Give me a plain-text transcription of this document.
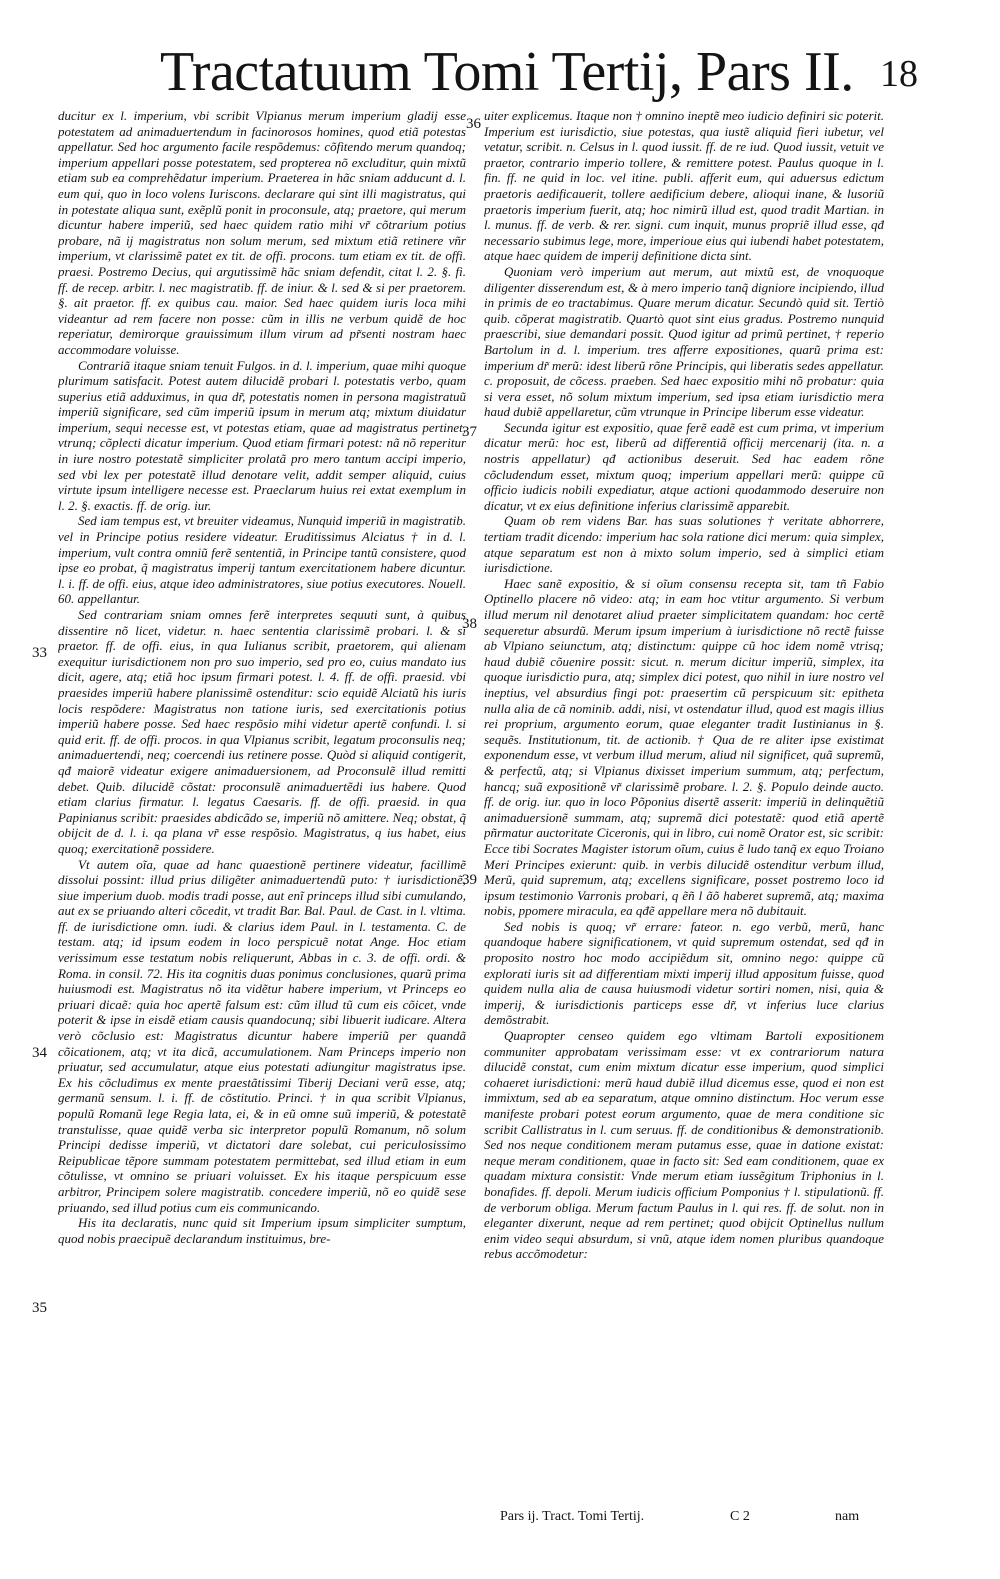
Tractatuum Tomi Tertij, Pars II. 18

ducitur ex l. imperium, vbi scribit Vlpianus merum imperium gladij esse potestatem ad animaduertendum in facinorosos homines, quod etiã potestas appellatur. Sed hoc argumento facile respõdemus: cõfitendo merum quandoq; imperium appellari posse potestatem, sed propterea nõ excluditur, quin mixtũ etiam sub ea comprehẽdatur imperium. Praeterea in hãc sniam adducunt d. l. eum qui, quo in loco volens Iuriscons. declarare qui sint illi magistratus, qui in potestate aliqua sunt, exẽplũ ponit in proconsule, atq; praetore, qui merum dicuntur habere imperiũ, sed haec quidem ratio mihi vr̃ cõtrarium potius probare, nã ij magistratus non solum merum, sed mixtum etiã retinere vñr imperium, vt clarissimẽ patet ex tit. de offi. procons. tum etiam ex tit. de offi. praesi. Postremo Decius, qui argutissimẽ hãc sniam defendit, citat l. 2. §. fi. ff. de recep. arbitr. l. nec magistratib. ff. de iniur. & l. sed & si per praetorem. §. ait praetor. ff. ex quibus cau. maior. Sed haec quidem iuris loca mihi videantur ad rem facere non posse: cũm in illis ne verbum quidẽ de hoc reperiatur, demirorque grauissimum illum virum ad pr̃senti nostram haec accommodare voluisse.

Contrariã itaque sniam tenuit Fulgos. in d. l. imperium, quae mihi quoque plurimum satisfacit. Potest autem dilucidẽ probari l. potestatis verbo, quam superius etiã adduximus, in qua dr̃, potestatis nomen in persona magistratuũ imperiũ significare, sed cũm imperiũ ipsum in merum atq; mixtum diuidatur imperium, sequi necesse est, vt potestas etiam, quae ad magistratus pertinet, vtrunq; cõplecti dicatur imperium. Quod etiam firmari potest: nã nõ reperitur in iure nostro potestatẽ simpliciter prolatã pro mero tantum accipi imperio, sed vbi lex per potestatẽ illud denotare velit, addit semper aliquid, cuius virtute ipsum intelligere necesse est. Praeclarum huius rei extat exemplum in l. 2. §. exactis. ff. de orig. iur.

Sed iam tempus est, vt breuiter videamus, Nunquid imperiũ in magistratib. vel in Principe potius residere videatur. Eruditissimus Alciatus † in d. l. imperium, vult contra omniũ ferẽ sententiã, in Principe tantũ consistere, quod ipse eo probat, q̃ magistratus imperij tantum exercitationem habere dicuntur. l. i. ff. de offi. eius, atque ideo administratores, siue potius executores. Nouell. 60. appellantur.

Sed contrariam sniam omnes ferẽ interpretes sequuti sunt, à quibus dissentire nõ licet, videtur. n. haec sententia clarissimẽ probari. l. & si praetor. ff. de offi. eius, in qua Iulianus scribit, praetorem, qui alienam exequitur iurisdictionem non pro suo imperio, sed pro eo, cuius mandato ius dicit, agere, atq; etiã hoc ipsum firmari potest. l. 4. ff. de offi. praesid. vbi praesides imperiũ habere planissimẽ ostenditur: scio equidẽ Alciatũ his iuris locis respõdere: Magistratus non tatione iuris, sed exercitationis potius imperiũ habere posse. Sed haec respõsio mihi videtur apertẽ confundi. l. si quid erit. ff. de offi. procos. in qua Vlpianus scribit, legatum proconsulis neq; animaduertendi, neq; coercendi ius retinere posse. Quòd si aliquid contigerit, qđ maiorẽ videatur exigere animaduersionem, ad Proconsulẽ illud remitti debet. Quib. dilucidẽ cõstat: proconsulẽ animaduertẽdi ius habere. Quod etiam clarius firmatur. l. legatus Caesaris. ff. de offi. praesid. in qua Papinianus scribit: praesides abdicãdo se, imperiũ nõ amittere. Neq; obstat, q̃ obijcit de d. l. i. qa plana vr̃ esse respõsio. Magistratus, q ius habet, eius quoq; exercitationẽ possidere.

Vt autem oĩa, quae ad hanc quaestionẽ pertinere videatur, facillimẽ dissolui possint: illud prius diligẽter animaduertendũ puto: † iurisdictionẽ, siue imperium duob. modis tradi posse, aut enĩ princeps illud sibi cumulando, aut ex se priuando alteri cõcedit, vt tradit Bar. Bal. Paul. de Cast. in l. vltima. ff. de iurisdictione omn. iudi. & clarius idem Paul. in l. testamenta. C. de testam. atq; id ipsum eodem in loco perspicuẽ notat Ange. Hoc etiam verissimum esse testatum nobis reliquerunt, Abbas in c. 3. de offi. ordi. & Roma. in consil. 72. His ita cognitis duas ponimus conclusiones, quarũ prima huiusmodi est. Magistratus nõ ita vidẽtur habere imperium, vt Princeps eo priuari dicaẽ: quia hoc apertẽ falsum est: cũm illud tũ cum eis cõicet, vnde poterit & ipse in eisdẽ etiam causis quandocunq; sibi libuerit iudicare. Altera verò cõclusio est: Magistratus dicuntur habere imperiũ per quandã cõicationem, atq; vt ita dicã, accumulationem. Nam Princeps imperio non priuatur, sed accumulatur, atque eius potestati adiungitur magistratus ipse. Ex his cõcludimus ex mente praestãtissimi Tiberij Deciani verũ esse, atq; germanũ sensum. l. i. ff. de cõstitutio. Princi. † in qua scribit Vlpianus, populũ Romanũ lege Regia lata, ei, & in eũ omne suũ imperiũ, & potestatẽ transtulisse, quae quidẽ verba sic interpretor populũ Romanum, nõ solum Principi dedisse imperiũ, vt dictatori dare solebat, cui periculosissimo Reipublicae tẽpore summam potestatem permittebat, sed illud etiam in eum cõtulisse, vt omnino se priuari voluisset. Ex his itaque perspicuum esse arbitror, Principem solere magistratib. concedere imperiũ, nõ eo quidẽ sese priuando, sed illud potius cum eis communicando.

His ita declaratis, nunc quid sit Imperium ipsum simpliciter sumptum, quod nobis praecipuẽ declarandum instituimus, bre-

uiter explicemus. Itaque non † omnino ineptẽ meo iudicio definiri sic poterit. Imperium est iurisdictio, siue potestas, qua iustẽ aliquid fieri iubetur, vel vetatur, scribit. n. Celsus in l. quod iussit. ff. de re iud. Quod iussit, vetuit ve praetor, contrario imperio tollere, & remittere potest. Paulus quoque in l. fin. ff. ne quid in loc. vel itine. publi. afferit eum, qui aduersus edictum praetoris aedificauerit, tollere aedificium debere, alioqui inane, & lusoriũ praetoris imperium fuerit, atq; hoc nimirũ illud est, quod tradit Martian. in l. munus. ff. de verb. & rer. signi. cum inquit, munus propriẽ illud esse, qđ necessario subimus lege, more, imperioue eius qui iubendi habet potestatem, atque haec quidem de imperij definitione dicta sint.

Quoniam verò imperium aut merum, aut mixtũ est, de vnoquoque diligenter disserendum est, & à mero imperio tanq̃ digniore incipiendo, illud in primis de eo tractabimus. Quare merum dicatur. Secundò quid sit. Tertiò quib. cõperat magistratib. Quartò quot sint eius gradus. Postremo nunquid praescribi, siue demandari possit. Quod igitur ad primũ pertinet, † reperio Bartolum in d. l. imperium. tres afferre expositiones, quarũ prima est: imperium dr̃ merũ: idest liberũ rõne Principis, qui liberatis sedes appellatur. c. proposuit, de cõcess. praeben. Sed haec expositio mihi nõ probatur: quia si vera esset, nõ solum mixtum imperium, sed ipsa etiam iurisdictio mera haud dubiẽ appellaretur, cũm vtrunque in Principe liberum esse videatur.

Secunda igitur est expositio, quae ferẽ eadẽ est cum prima, vt imperium dicatur merũ: hoc est, liberũ ad differentiã officij mercenarij (ita. n. a nostris appellatur) qđ actionibus deseruit. Sed hac eadem rõne cõcludendum esset, mixtum quoq; imperium appellari merũ: quippe cũ officio iudicis nobili expediatur, atque actioni quodammodo deseruire non dicatur, vt ex eius definitione inferius clarissimẽ apparebit.

Quam ob rem videns Bar. has suas solutiones † veritate abhorrere, tertiam tradit dicendo: imperium hac sola ratione dici merum: quia simplex, atque separatum est non à mixto solum imperio, sed à simplici etiam iurisdictione.

Haec sanẽ expositio, & si oĩum consensu recepta sit, tam tñ Fabio Optinello placere nõ video: atq; in eam hoc vtitur argumento. Si verbum illud merum nil denotaret aliud praeter simplicitatem quandam: hoc certẽ sequeretur absurdũ. Merum ipsum imperium à iurisdictione nõ rectẽ fuisse ab Vlpiano seiunctum, atq; distinctum: quippe cũ hoc idem nomẽ vtrisq; haud dubiẽ cõuenire possit: sicut. n. merum dicitur imperiũ, simplex, ita quoque iurisdictio pura, atq; simplex dici potest, quo nihil in iure nostro vel ineptius, vel absurdius fingi pot: praesertim cũ perspicuum sit: epitheta nulla alia de cã nominib. addi, nisi, vt ostendatur illud, quod est magis illius rei proprium, argumento eorum, quae eleganter tradit Iustinianus in §. sequẽs. Institutionum, tit. de actionib. † Qua de re aliter ipse existimat exponendum esse, vt verbum illud merum, aliud nil significet, quã supremũ, & perfectũ, atq; si Vlpianus dixisset imperium summum, atq; perfectum, hancq; suã expositionẽ vr̃ clarissimẽ probare. l. 2. §. Populo deinde aucto. ff. de orig. iur. quo in loco Põponius disertẽ asserit: imperiũ in delinquẽtiũ animaduersionẽ summam, atq; supremã dici potestatẽ: quod etiã apertẽ pñrmatur auctoritate Ciceronis, qui in libro, cui nomẽ Orator est, sic scribit: Ecce tibi Socrates Magister istorum oĩum, cuius ẽ ludo tanq̃ ex equo Troiano Meri Principes exierunt: quib. in verbis dilucidẽ ostenditur verbum illud, Merũ, quid supremum, atq; excellens significare, posset postremo loco id ipsum testimonio Varronis probari, q ẽñ l ãõ haberet supremã, atq; maxima nobis, ppomere miracula, ea qđẽ appellare mera nõ dubitauit.

Sed nobis is quoq; vr̃ errare: fateor. n. ego verbũ, merũ, hanc quandoque habere significationem, vt quid supremum ostendat, sed qđ in proposito nostro hoc modo accipiẽdum sit, omnino nego: quippe cũ explorati iuris sit ad differentiam mixti imperij illud appositum fuisse, quod quidem nulla alia de causa huiusmodi videtur sortiri nomen, nisi, quia & imperij, & iurisdictionis particeps esse dr̃, vt inferius luce clarius demõstrabit.

Quapropter censeo quidem ego vltimam Bartoli expositionem communiter approbatam verissimam esse: vt ex contrariorum natura dilucidẽ constat, cum enim mixtum dicatur esse imperium, quod simplici cohaeret iurisdictioni: merũ haud dubiẽ illud dicemus esse, quod ei non est immixtum, sed ab ea separatum, atque omnino distinctum. Hoc verum esse manifeste probari potest eorum argumento, quae de mera conditione sic scribit Callistratus in l. cum seruus. ff. de conditionibus & demonstrationib. Sed nos neque conditionem meram putamus esse, quae in datione existat: neque meram conditionem, quae in facto sit: Sed eam conditionem, quae ex quadam mixtura consistit: Vnde merum etiam iussẽgitum Triphonius in l. bonafides. ff. depoli. Merum iudicis officium Pomponius † l. stipulationũ. ff. de verborum obliga. Merum factum Paulus in l. qui res. ff. de solut. non in eleganter dixerunt, neque ad rem pertinet; quod obijcit Optinellus nullum enim video sequi absurdum, si vnũ, atque idem nomen pluribus quandoque rebus accõmodetur:

36
37
38
33
39
34
35
Pars ij. Tract. Tomi Tertij.	C 2	nam
